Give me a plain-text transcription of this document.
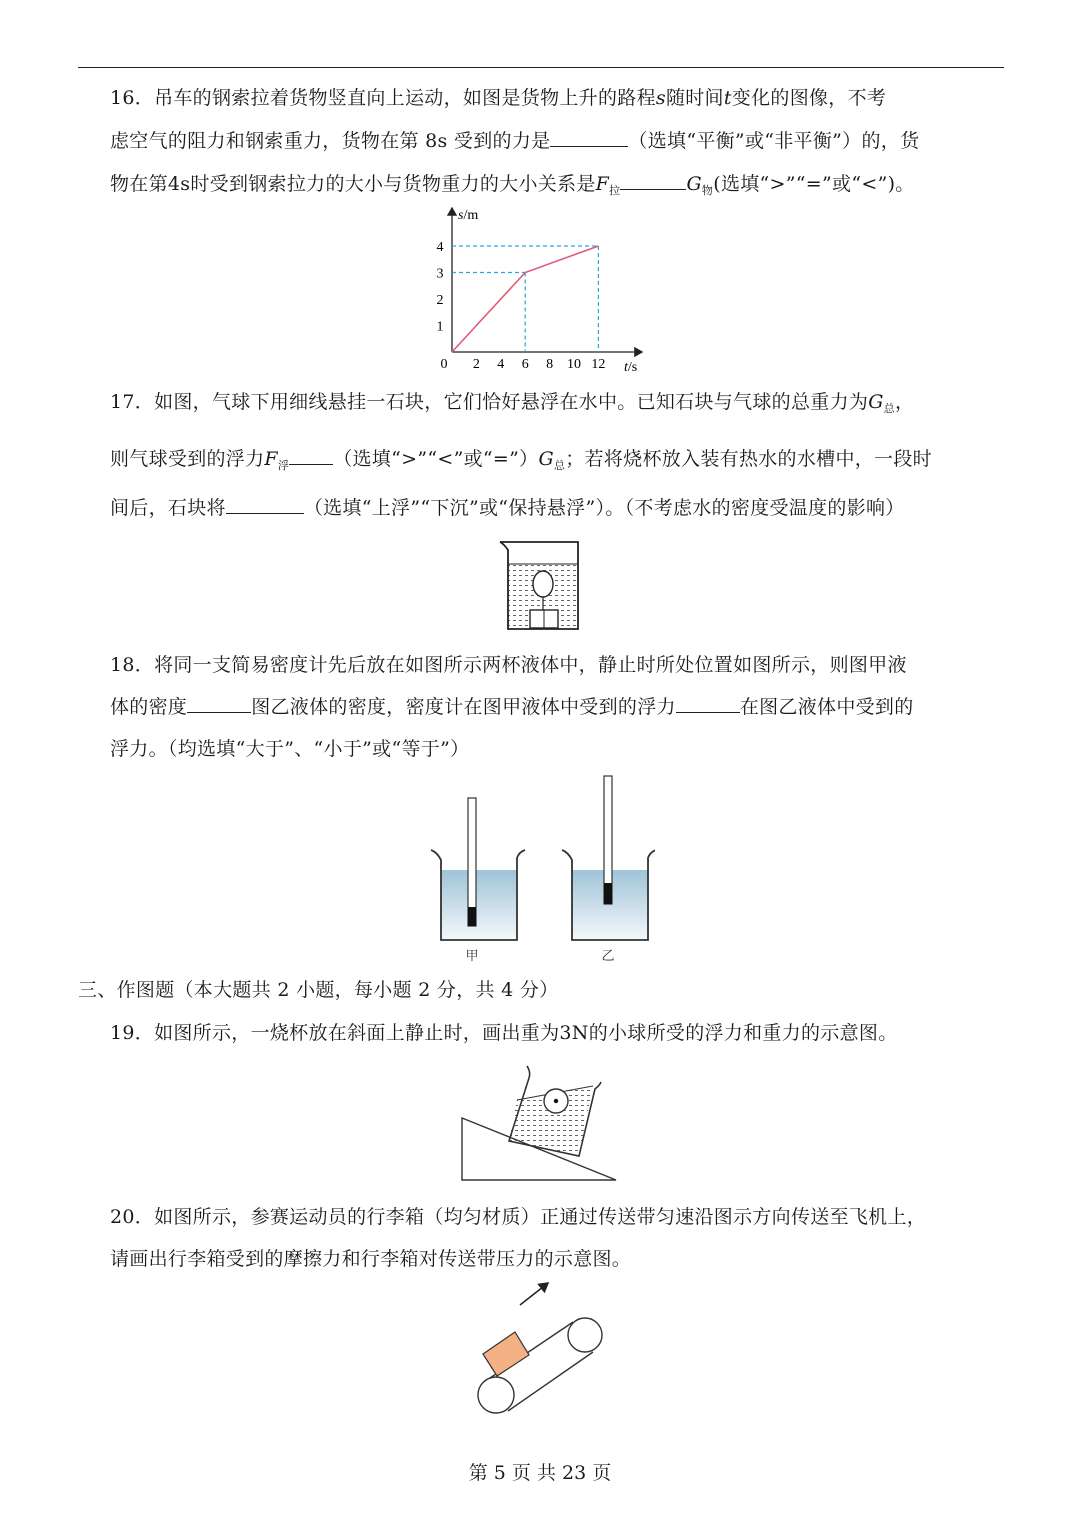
16．吊车的钢索拉着货物竖直向上运动，如图是货物上升的路程s随时间t变化的图像，不考
虑空气的阻力和钢索重力，货物在第 8s 受到的力是	（选填“平衡”或“非平衡”）的，货
物在第4s时受到钢索拉力的大小与货物重力的大小关系是$F_拉$	$G_物$(选填“>”“=”或“<”)。
s/m
t/s
0 2 4 6 8 10 12
1
2
3
4
17．如图，气球下用细线悬挂一石块，它们恰好悬浮在水中。已知石块与气球的总重力为$G_总$，
则气球受到的浮力$F_浮$ （选填“>”“<”或“$=”)G_总$；若将烧杯放入装有热水的水槽中，一段时
间后，石块将	（选填“上浮”“下沉”或“保持悬浮”）。（不考虑水的密度受温度的影响）
18．将同一支简易密度计先后放在如图所示两杯液体中，静止时所处位置如图所示，则图甲液
体的密度	图乙液体的密度，密度计在图甲液体中受到的浮力	在图乙液体中受到的
浮力。（均选填“大于”、“小于”或“等于”）
甲	乙
三、作图题（本大题共 2 小题，每小题 2 分，共 4 分）
19．如图所示，一烧杯放在斜面上静止时，画出重为3N的小球所受的浮力和重力的示意图。
20．如图所示，参赛运动员的行李箱（均匀材质）正通过传送带匀速沿图示方向传送至飞机上，
请画出行李箱受到的摩擦力和行李箱对传送带压力的示意图。
第 5 页 共 23 页
